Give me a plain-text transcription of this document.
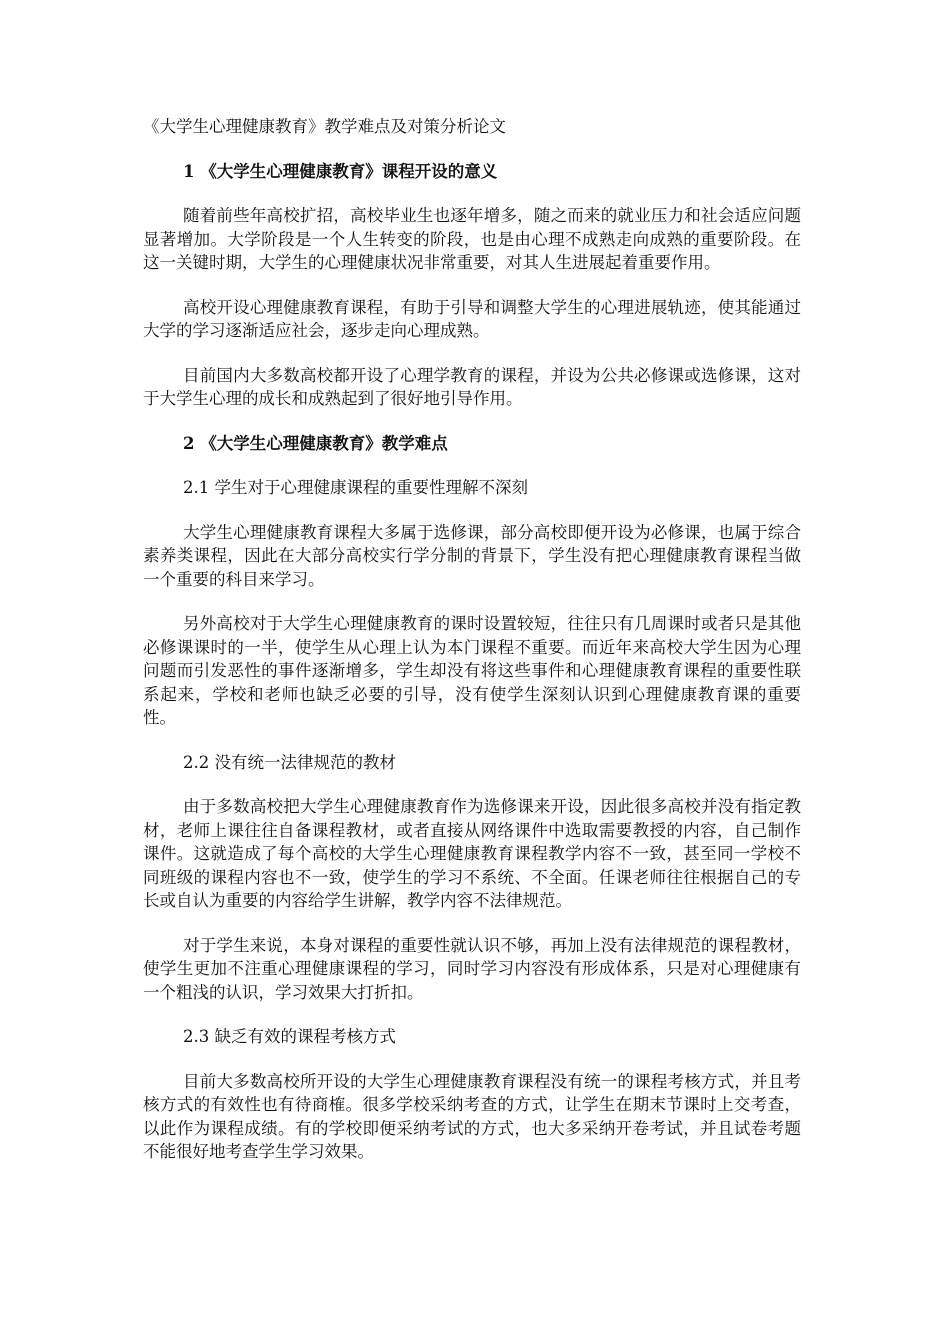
《大学生心理健康教育》教学难点及对策分析论文

1 《大学生心理健康教育》课程开设的意义

随着前些年高校扩招，高校毕业生也逐年增多，随之而来的就业压力和社会适应问题显著增加。大学阶段是一个人生转变的阶段，也是由心理不成熟走向成熟的重要阶段。在这一关键时期，大学生的心理健康状况非常重要，对其人生进展起着重要作用。

高校开设心理健康教育课程，有助于引导和调整大学生的心理进展轨迹，使其能通过大学的学习逐渐适应社会，逐步走向心理成熟。

目前国内大多数高校都开设了心理学教育的课程，并设为公共必修课或选修课，这对于大学生心理的成长和成熟起到了很好地引导作用。

2 《大学生心理健康教育》教学难点

2.1 学生对于心理健康课程的重要性理解不深刻

大学生心理健康教育课程大多属于选修课，部分高校即便开设为必修课，也属于综合素养类课程，因此在大部分高校实行学分制的背景下，学生没有把心理健康教育课程当做一个重要的科目来学习。

另外高校对于大学生心理健康教育的课时设置较短，往往只有几周课时或者只是其他必修课课时的一半，使学生从心理上认为本门课程不重要。而近年来高校大学生因为心理问题而引发恶性的事件逐渐增多，学生却没有将这些事件和心理健康教育课程的重要性联系起来，学校和老师也缺乏必要的引导，没有使学生深刻认识到心理健康教育课的重要性。

2.2 没有统一法律规范的教材

由于多数高校把大学生心理健康教育作为选修课来开设，因此很多高校并没有指定教材，老师上课往往自备课程教材，或者直接从网络课件中选取需要教授的内容，自己制作课件。这就造成了每个高校的大学生心理健康教育课程教学内容不一致，甚至同一学校不同班级的课程内容也不一致，使学生的学习不系统、不全面。任课老师往往根据自己的专长或自认为重要的内容给学生讲解，教学内容不法律规范。

对于学生来说，本身对课程的重要性就认识不够，再加上没有法律规范的课程教材，使学生更加不注重心理健康课程的学习，同时学习内容没有形成体系，只是对心理健康有一个粗浅的认识，学习效果大打折扣。

2.3 缺乏有效的课程考核方式

目前大多数高校所开设的大学生心理健康教育课程没有统一的课程考核方式，并且考核方式的有效性也有待商榷。很多学校采纳考查的方式，让学生在期末节课时上交考查，以此作为课程成绩。有的学校即便采纳考试的方式，也大多采纳开卷考试，并且试卷考题不能很好地考查学生学习效果。
